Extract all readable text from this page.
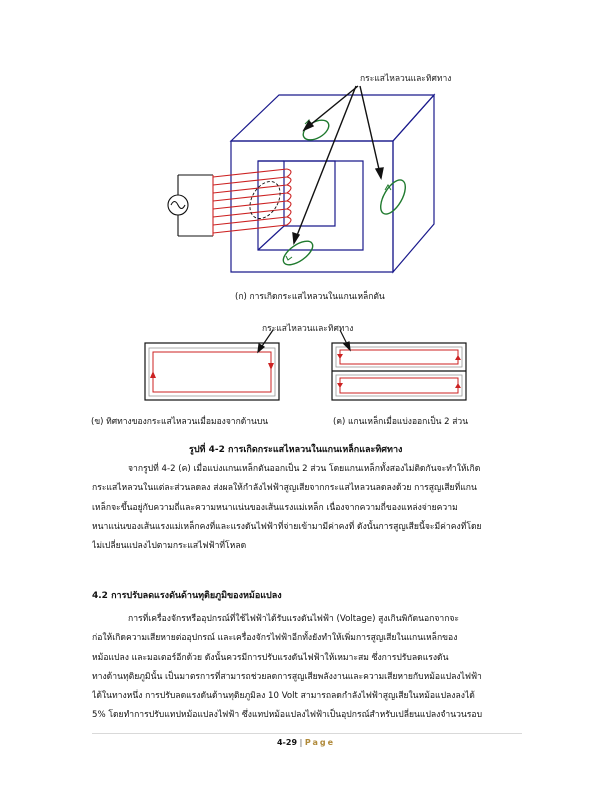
กระแสไหลวนและทิศทาง
(ก) การเกิดกระแสไหลวนในแกนเหล็กตัน
กระแสไหลวนและทิศทาง
(ข) ทิศทางของกระแสไหลวนเมื่อมองจากด้านบน	(ค) แกนเหล็กเมื่อแบ่งออกเป็น 2 ส่วน
รูปที่ 4-2 การเกิดกระแสไหลวนในแกนเหล็กและทิศทาง
จากรูปที่ 4-2 (ค) เมื่อแบ่งแกนเหล็กตันออกเป็น 2 ส่วน โดยแกนเหล็กทั้งสองไม่ติดกันจะทำให้เกิด
กระแสไหลวนในแต่ละส่วนลดลง ส่งผลให้กำลังไฟฟ้าสูญเสียจากกระแสไหลวนลดลงด้วย การสูญเสียที่แกน
เหล็กจะขึ้นอยู่กับความถี่และความหนาแน่นของเส้นแรงแม่เหล็ก เนื่องจากความถี่ของแหล่งจ่ายความ
หนาแน่นของเส้นแรงแม่เหล็กคงที่และแรงดันไฟฟ้าที่จ่ายเข้ามามีค่าคงที่ ดังนั้นการสูญเสียนี้จะมีค่าคงที่โดย
ไม่เปลี่ยนแปลงไปตามกระแสไฟฟ้าที่โหลด
4.2 การปรับลดแรงดันด้านทุติยภูมิของหม้อแปลง
การที่เครื่องจักรหรืออุปกรณ์ที่ใช้ไฟฟ้าได้รับแรงดันไฟฟ้า (Voltage) สูงเกินพิกัดนอกจากจะ
ก่อให้เกิดความเสียหายต่ออุปกรณ์ และเครื่องจักรไฟฟ้าอีกทั้งยังทำให้เพิ่มการสูญเสียในแกนเหล็กของ
หม้อแปลง และมอเตอร์อีกด้วย ดังนั้นควรมีการปรับแรงดันไฟฟ้าให้เหมาะสม ซึ่งการปรับลดแรงดัน
ทางด้านทุติยภูมินั้น เป็นมาตรการที่สามารถช่วยลดการสูญเสียพลังงานและความเสียหายกับหม้อแปลงไฟฟ้า
ได้ในทางหนึ่ง การปรับลดแรงดันด้านทุติยภูมิลง 10 Volt สามารถลดกำลังไฟฟ้าสูญเสียในหม้อแปลงลงได้
5% โดยทำการปรับแทปหม้อแปลงไฟฟ้า ซึ่งแทปหม้อแปลงไฟฟ้าเป็นอุปกรณ์สำหรับเปลี่ยนแปลงจำนวนรอบ
4-29 | Page
